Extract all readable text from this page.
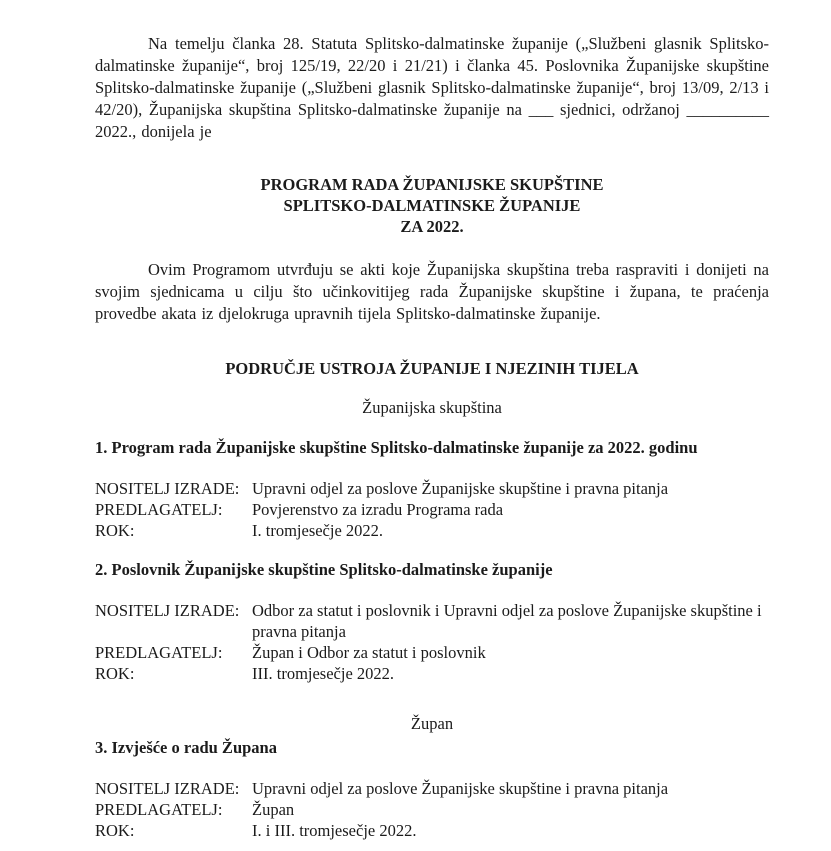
Na temelju članka 28. Statuta Splitsko-dalmatinske županije („Službeni glasnik Splitsko-dalmatinske županije“, broj 125/19, 22/20 i 21/21) i članka 45. Poslovnika Županijske skupštine Splitsko-dalmatinske županije („Službeni glasnik Splitsko-dalmatinske županije“, broj 13/09, 2/13 i 42/20), Županijska skupština Splitsko-dalmatinske županije na ___ sjednici, održanoj __________ 2022., donijela je

PROGRAM RADA ŽUPANIJSKE SKUPŠTINE
SPLITSKO-DALMATINSKE ŽUPANIJE
ZA 2022.

Ovim Programom utvrđuju se akti koje Županijska skupština treba raspraviti i donijeti na svojim sjednicama u cilju što učinkovitijeg rada Županijske skupštine i župana, te praćenja provedbe akata iz djelokruga upravnih tijela Splitsko-dalmatinske županije.

PODRUČJE USTROJA ŽUPANIJE I NJEZINIH TIJELA
Županijska skupština
1. Program rada Županijske skupštine Splitsko-dalmatinske županije za 2022. godinu
NOSITELJ IZRADE: Upravni odjel za poslove Županijske skupštine i pravna pitanja
PREDLAGATELJ:	Povjerenstvo za izradu Programa rada
ROK:	I. tromjesečje 2022.
2. Poslovnik Županijske skupštine Splitsko-dalmatinske županije
NOSITELJ IZRADE: Odbor za statut i poslovnik i Upravni odjel za poslove Županijske skupštine i pravna pitanja
PREDLAGATELJ:	Župan i Odbor za statut i poslovnik
ROK:	III. tromjesečje 2022.
Župan
3. Izvješće o radu Župana
NOSITELJ IZRADE: Upravni odjel za poslove Županijske skupštine i pravna pitanja
PREDLAGATELJ:	Župan
ROK:	I. i III. tromjesečje 2022.
